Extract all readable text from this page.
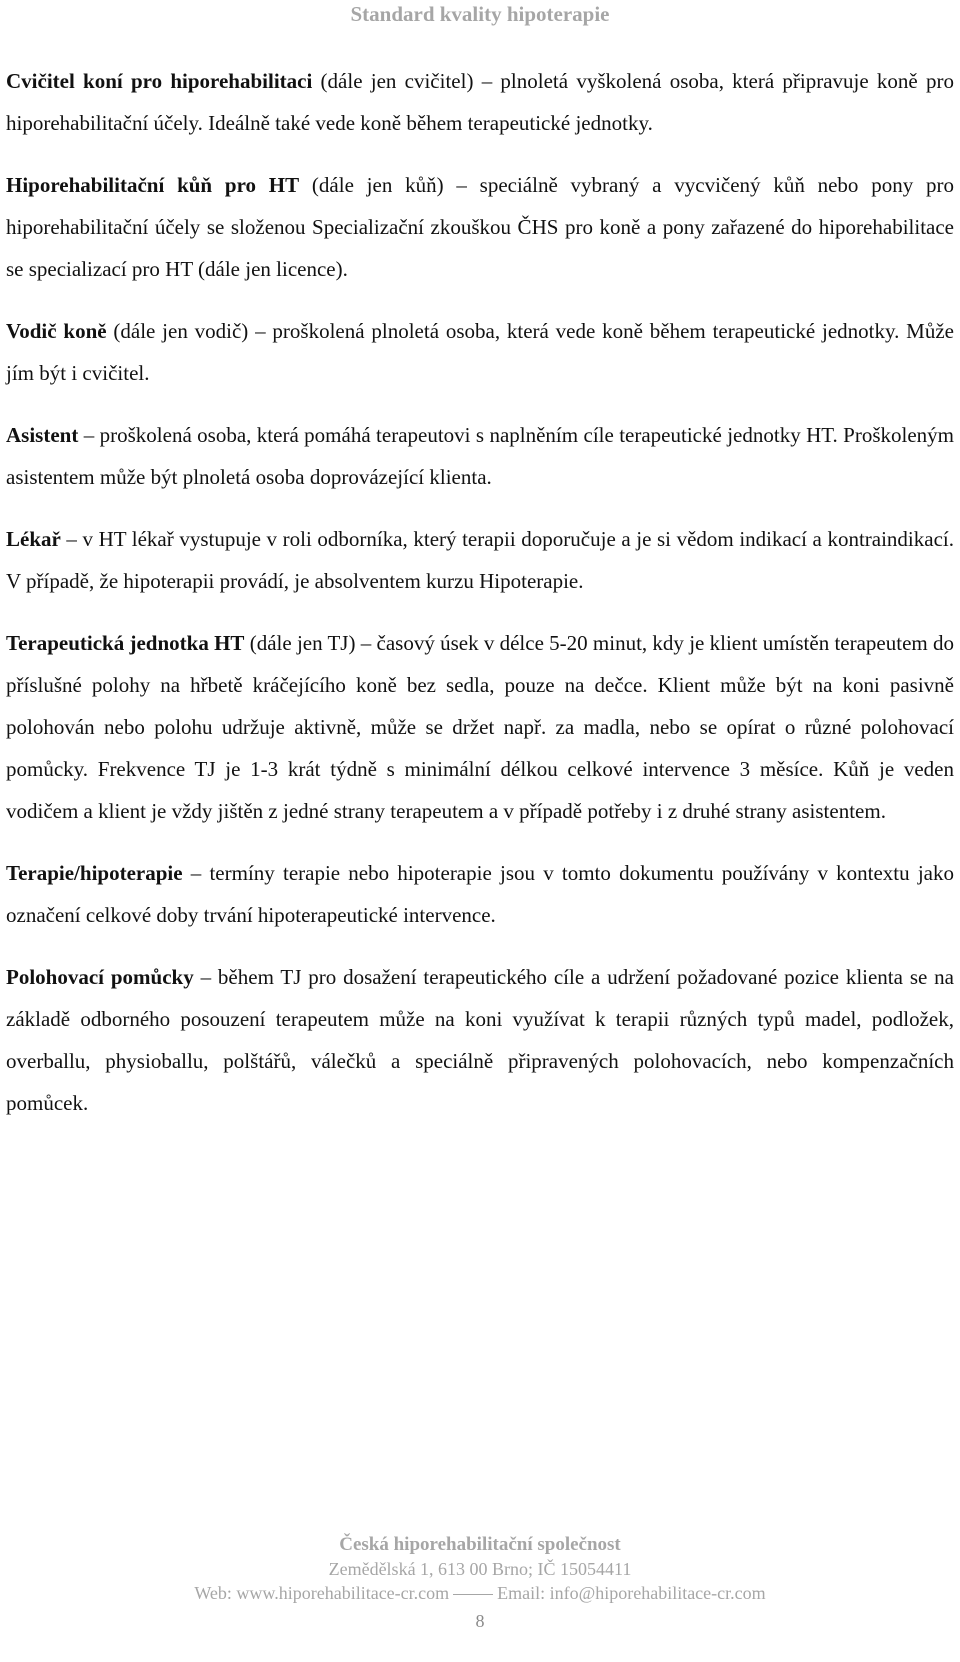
Standard kvality hipoterapie

Cvičitel koní pro hiporehabilitaci (dále jen cvičitel) – plnoletá vyškolená osoba, která připravuje koně pro hiporehabilitační účely. Ideálně také vede koně během terapeutické jednotky.

Hiporehabilitační kůň pro HT (dále jen kůň) – speciálně vybraný a vycvičený kůň nebo pony pro hiporehabilitační účely se složenou Specializační zkouškou ČHS pro koně a pony zařazené do hiporehabilitace se specializací pro HT (dále jen licence).

Vodič koně (dále jen vodič) – proškolená plnoletá osoba, která vede koně během terapeutické jednotky. Může jím být i cvičitel.

Asistent – proškolená osoba, která pomáhá terapeutovi s naplněním cíle terapeutické jednotky HT. Proškoleným asistentem může být plnoletá osoba doprovázející klienta.

Lékař – v HT lékař vystupuje v roli odborníka, který terapii doporučuje a je si vědom indikací a kontraindikací. V případě, že hipoterapii provádí, je absolventem kurzu Hipoterapie.

Terapeutická jednotka HT (dále jen TJ) – časový úsek v délce 5-20 minut, kdy je klient umístěn terapeutem do příslušné polohy na hřbetě kráčejícího koně bez sedla, pouze na dečce. Klient může být na koni pasivně polohován nebo polohu udržuje aktivně, může se držet např. za madla, nebo se opírat o různé polohovací pomůcky. Frekvence TJ je 1-3 krát týdně s minimální délkou celkové intervence 3 měsíce. Kůň je veden vodičem a klient je vždy jištěn z jedné strany terapeutem a v případě potřeby i z druhé strany asistentem.

Terapie/hipoterapie – termíny terapie nebo hipoterapie jsou v tomto dokumentu používány v kontextu jako označení celkové doby trvání hipoterapeutické intervence.

Polohovací pomůcky – během TJ pro dosažení terapeutického cíle a udržení požadované pozice klienta se na základě odborného posouzení terapeutem může na koni využívat k terapii různých typů madel, podložek, overballu, physioballu, polštářů, válečků a speciálně připravených polohovacích, nebo kompenzačních pomůcek.

Česká hiporehabilitační společnost
Zemědělská 1, 613 00 Brno; IČ 15054411
Web: www.hiporehabilitace-cr.com	Email: info@hiporehabilitace-cr.com
8
